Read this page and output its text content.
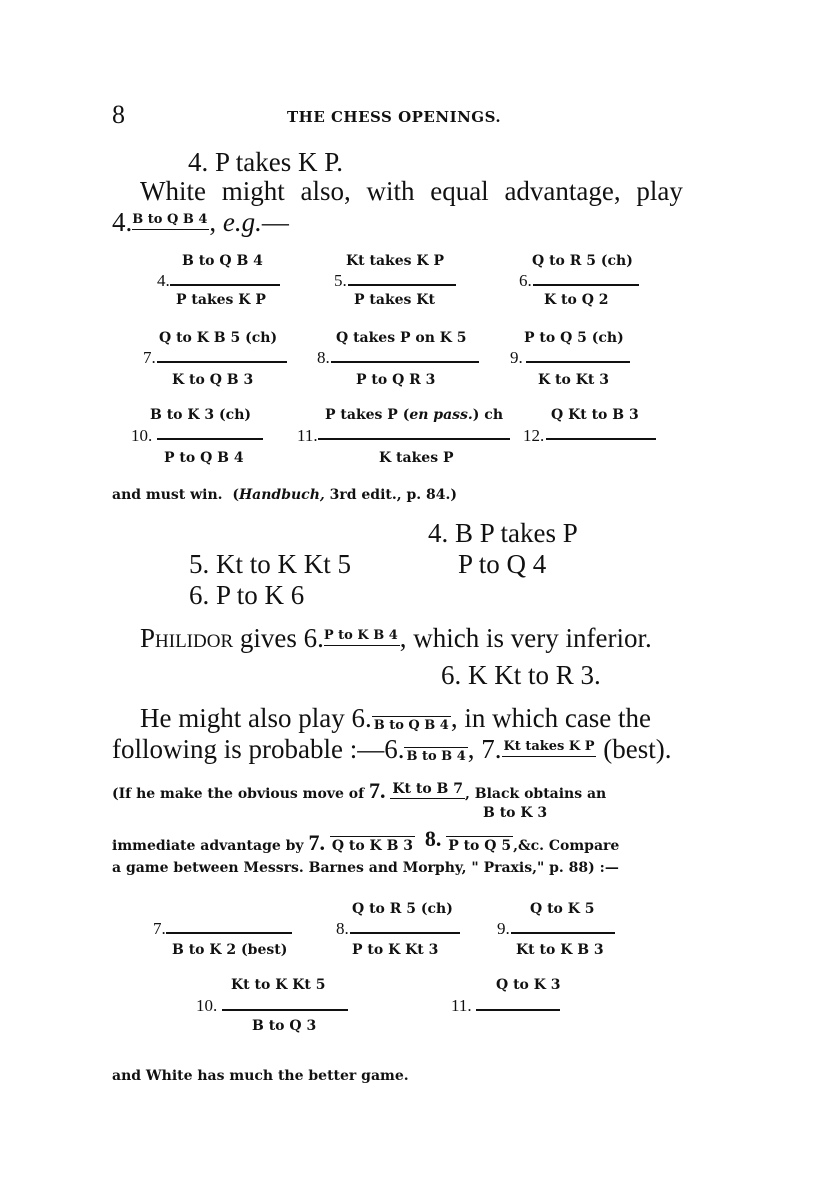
8	THE CHESS OPENINGS.
4. P takes K P.
White might also, with equal advantage, play
4.B to Q B 4, e.g.—
B to Q B 4
4.
P takes K P
Kt takes K P
5.
P takes Kt
Q to R 5 (ch)
6.
K to Q 2
Q to K B 5 (ch)
7.
K to Q B 3
Q takes P on K 5
8.
P to Q R 3
P to Q 5 (ch)
9.
K to Kt 3
B to K 3 (ch)
10.
P to Q B 4
P takes P (en pass.) ch
11.
K takes P
Q Kt to B 3
12.
and must win. (Handbuch, 3rd edit., p. 84.)
4. B P takes P
5. Kt to K Kt 5	P to Q 4
6. P to K 6
Philidor gives 6.P to K B 4, which is very inferior.
6. K Kt to R 3.
He might also play 6. B to Q B 4, in which case the
following is probable :—6. B to B 4, 7. Kt takes K P (best).
(If he make the obvious move of 7. Kt to B 7 , Black obtains an
B to K 3
immediate advantage by 7. Q to K B 3 8. P to Q 5 ,&c. Compare
a game between Messrs. Barnes and Morphy, " Praxis," p. 88) :—
7.
B to K 2 (best)
Q to R 5 (ch)
8.
P to K Kt 3
Q to K 5
9.
Kt to K B 3
Kt to K Kt 5
10.
B to Q 3
Q to K 3
11.
and White has much the better game.
